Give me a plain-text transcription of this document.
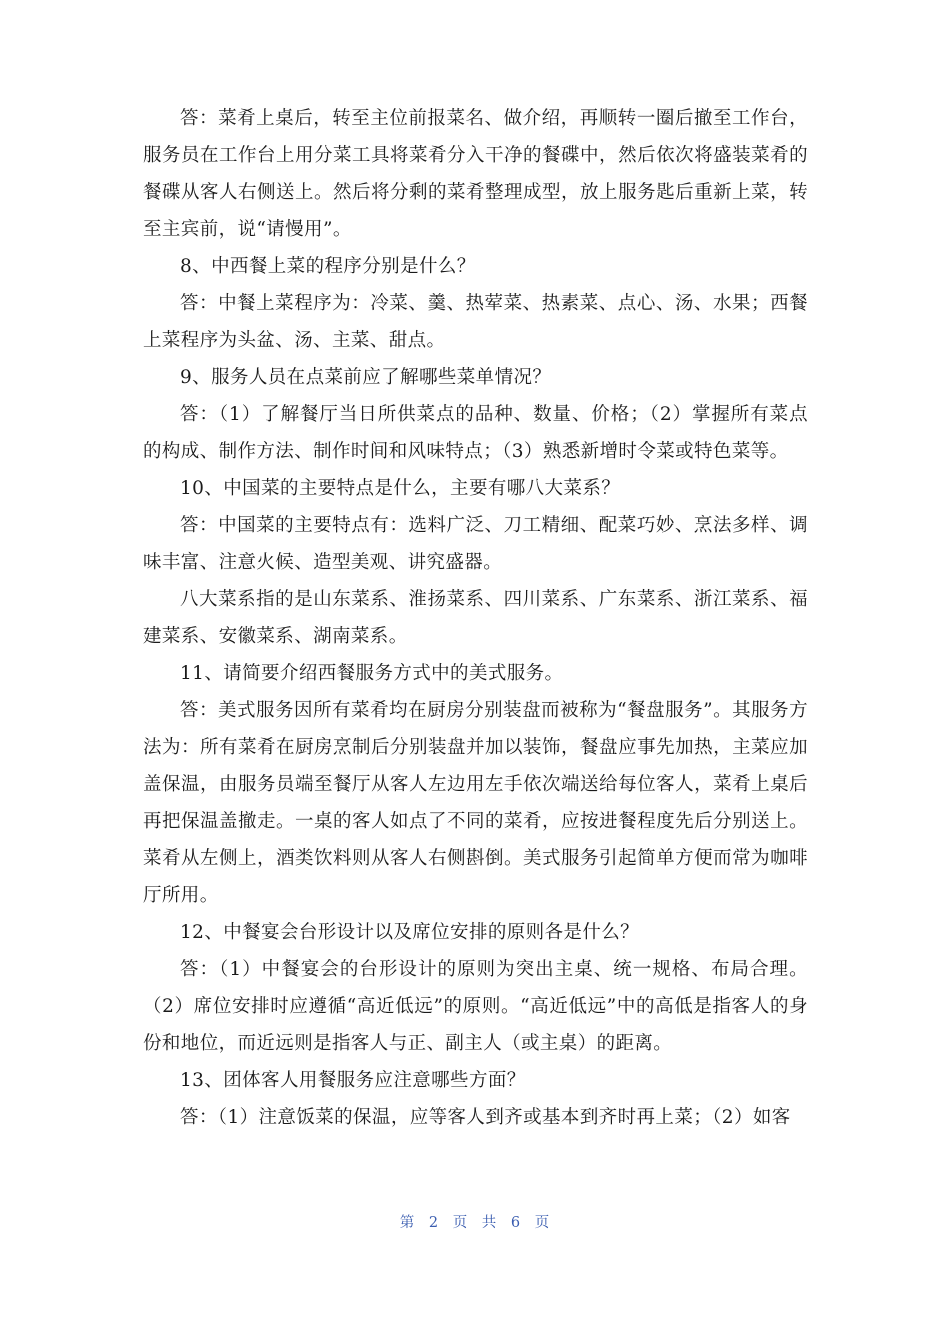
答：菜肴上桌后，转至主位前报菜名、做介绍，再顺转一圈后撤至工作台，服务员在工作台上用分菜工具将菜肴分入干净的餐碟中，然后依次将盛装菜肴的餐碟从客人右侧送上。然后将分剩的菜肴整理成型，放上服务匙后重新上菜，转至主宾前，说“请慢用”。

8、中西餐上菜的程序分别是什么？

答：中餐上菜程序为：冷菜、羹、热荤菜、热素菜、点心、汤、水果；西餐上菜程序为头盆、汤、主菜、甜点。

9、服务人员在点菜前应了解哪些菜单情况？

答：（1）了解餐厅当日所供菜点的品种、数量、价格；（2）掌握所有菜点的构成、制作方法、制作时间和风味特点；（3）熟悉新增时令菜或特色菜等。

10、中国菜的主要特点是什么，主要有哪八大菜系？

答：中国菜的主要特点有：选料广泛、刀工精细、配菜巧妙、烹法多样、调味丰富、注意火候、造型美观、讲究盛器。

八大菜系指的是山东菜系、淮扬菜系、四川菜系、广东菜系、浙江菜系、福建菜系、安徽菜系、湖南菜系。

11、请简要介绍西餐服务方式中的美式服务。

答：美式服务因所有菜肴均在厨房分别装盘而被称为“餐盘服务”。其服务方法为：所有菜肴在厨房烹制后分别装盘并加以装饰，餐盘应事先加热，主菜应加盖保温，由服务员端至餐厅从客人左边用左手依次端送给每位客人，菜肴上桌后再把保温盖撤走。一桌的客人如点了不同的菜肴，应按进餐程度先后分别送上。菜肴从左侧上，酒类饮料则从客人右侧斟倒。美式服务引起简单方便而常为咖啡厅所用。

12、中餐宴会台形设计以及席位安排的原则各是什么？

答：（1）中餐宴会的台形设计的原则为突出主桌、统一规格、布局合理。（2）席位安排时应遵循“高近低远”的原则。“高近低远”中的高低是指客人的身份和地位，而近远则是指客人与正、副主人（或主桌）的距离。

13、团体客人用餐服务应注意哪些方面？

答：（1）注意饭菜的保温，应等客人到齐或基本到齐时再上菜；（2）如客

第 2 页 共 6 页
